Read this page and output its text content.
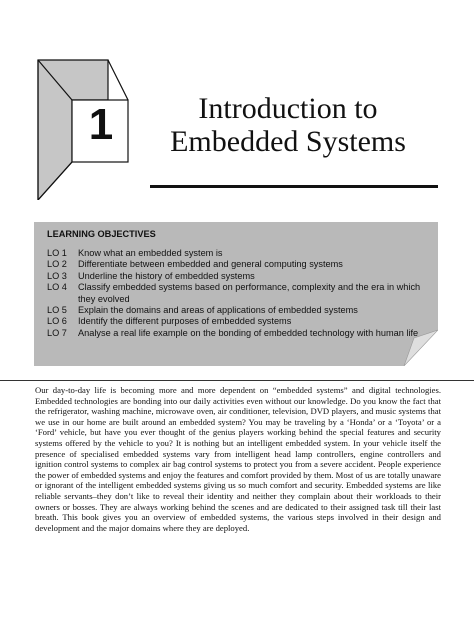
1	Introduction to
Embedded Systems
LEARNING OBJECTIVES
LO 1	Know what an embedded system is
LO 2	Differentiate between embedded and general computing systems
LO 3	Underline the history of embedded systems
LO 4	Classify embedded systems based on performance, complexity and the era in which they evolved
LO 5	Explain the domains and areas of applications of embedded systems
LO 6	Identify the different purposes of embedded systems
LO 7	Analyse a real life example on the bonding of embedded technology with human life
Our day-to-day life is becoming more and more dependent on “embedded systems” and digital technologies. Embedded technologies are bonding into our daily activities even without our knowledge. Do you know the fact that the refrigerator, washing machine, microwave oven, air conditioner, television, DVD players, and music systems that we use in our home are built around an embedded system? You may be traveling by a ‘Honda’ or a ‘Toyota’ or a ‘Ford’ vehicle, but have you ever thought of the genius players working behind the special features and security systems offered by the vehicle to you? It is nothing but an intelligent embedded system. In your vehicle itself the presence of specialised embedded systems vary from intelligent head lamp controllers, engine controllers and ignition control systems to complex air bag control systems to protect you from a severe accident. People experience the power of embedded systems and enjoy the features and comfort provided by them. Most of us are totally unaware or ignorant of the intelligent embedded systems giving us so much comfort and security. Embedded systems are like reliable servants–they don’t like to reveal their identity and neither they complain about their workloads to their owners or bosses. They are always working behind the scenes and are dedicated to their assigned task till their last breath. This book gives you an overview of embedded systems, the various steps involved in their design and development and the major domains where they are deployed.
